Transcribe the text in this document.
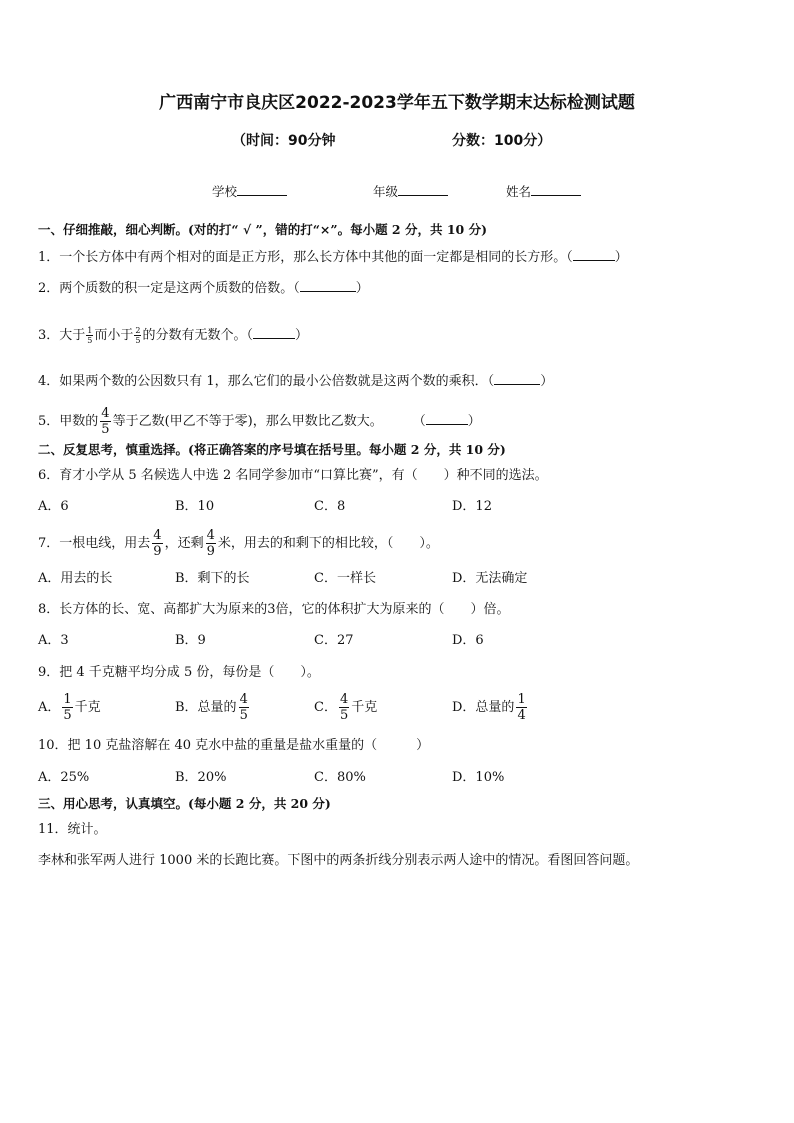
广西南宁市良庆区2022-2023学年五下数学期末达标检测试题
（时间：90分钟	分数：100分）
学校	年级	姓名
一、仔细推敲，细心判断。(对的打“ √ ”，错的打“×”。每小题 2 分，共 10 分)
1．一个长方体中有两个相对的面是正方形，那么长方体中其他的面一定都是相同的长方形。（	）
2．两个质数的积一定是这两个质数的倍数。（	）
3．大于 $\frac{1}{5}$ 而小于 $\frac{2}{5}$ 的分数有无数个。（	）
4．如果两个数的公因数只有 1，那么它们的最小公倍数就是这两个数的乘积．（	）
5．甲数的 $\frac{4}{5}$ 等于乙数(甲乙不等于零)，那么甲数比乙数大。 （	）
二、反复思考，慎重选择。(将正确答案的序号填在括号里。每小题 2 分，共 10 分)
6．育才小学从 5 名候选人中选 2 名同学参加市“口算比赛”，有（　　）种不同的选法。
A．6	B．10	C．8	D．12
7．一根电线，用去 $\frac{4}{9}$ ，还剩 $\frac{4}{9}$ 米，用去的和剩下的相比较，（　　）。
A．用去的长	B．剩下的长	C．一样长	D．无法确定
8．长方体的长、宽、高都扩大为原来的3倍，它的体积扩大为原来的（　　）倍。
A．3	B．9	C．27	D．6
9．把 4 千克糖平均分成 5 份，每份是（　　）。
A． $\frac{1}{5}$ 千克	B．总量的 $\frac{4}{5}$	C． $\frac{4}{5}$ 千克	D．总量的 $\frac{1}{4}$
10．把 10 克盐溶解在 40 克水中盐的重量是盐水重量的（　　　）
A．25%	B．20%	C．80%	D．10%
三、用心思考，认真填空。(每小题 2 分，共 20 分)
11．统计。
李林和张军两人进行 1000 米的长跑比赛。下图中的两条折线分别表示两人途中的情况。看图回答问题。
